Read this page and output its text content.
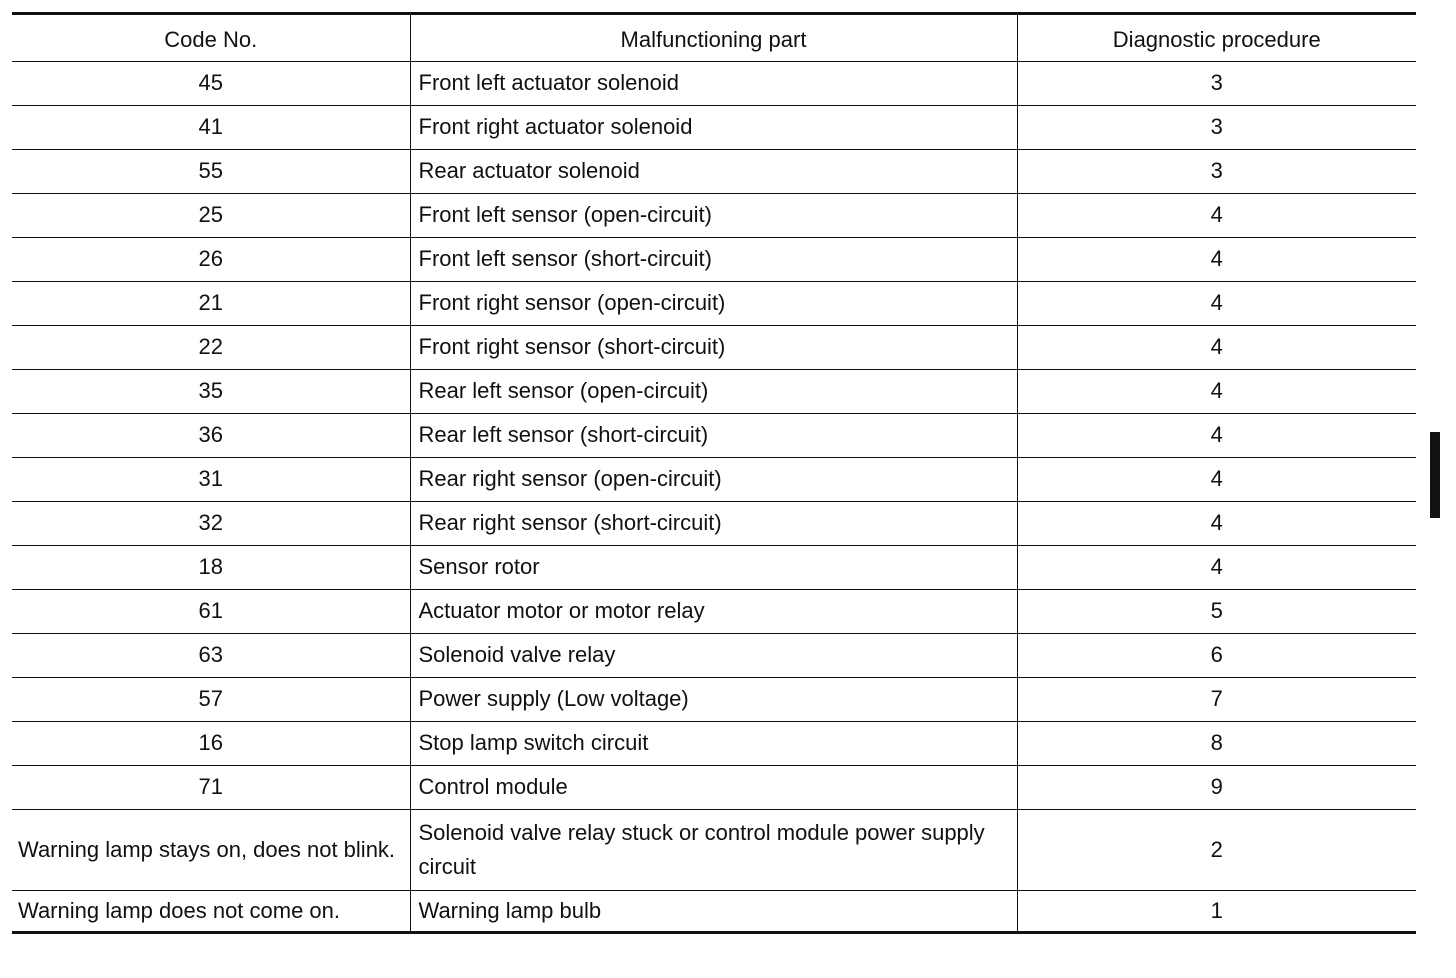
Code No.	Malfunctioning part	Diagnostic procedure
45	Front left actuator solenoid	3
41	Front right actuator solenoid	3
55	Rear actuator solenoid	3
25	Front left sensor (open-circuit)	4
26	Front left sensor (short-circuit)	4
21	Front right sensor (open-circuit)	4
22	Front right sensor (short-circuit)	4
35	Rear left sensor (open-circuit)	4
36	Rear left sensor (short-circuit)	4
31	Rear right sensor (open-circuit)	4
32	Rear right sensor (short-circuit)	4
18	Sensor rotor	4
61	Actuator motor or motor relay	5
63	Solenoid valve relay	6
57	Power supply (Low voltage)	7
16	Stop lamp switch circuit	8
71	Control module	9
Warning lamp stays on, does not blink.	Solenoid valve relay stuck or control module power supply circuit	2
Warning lamp does not come on.	Warning lamp bulb	1
